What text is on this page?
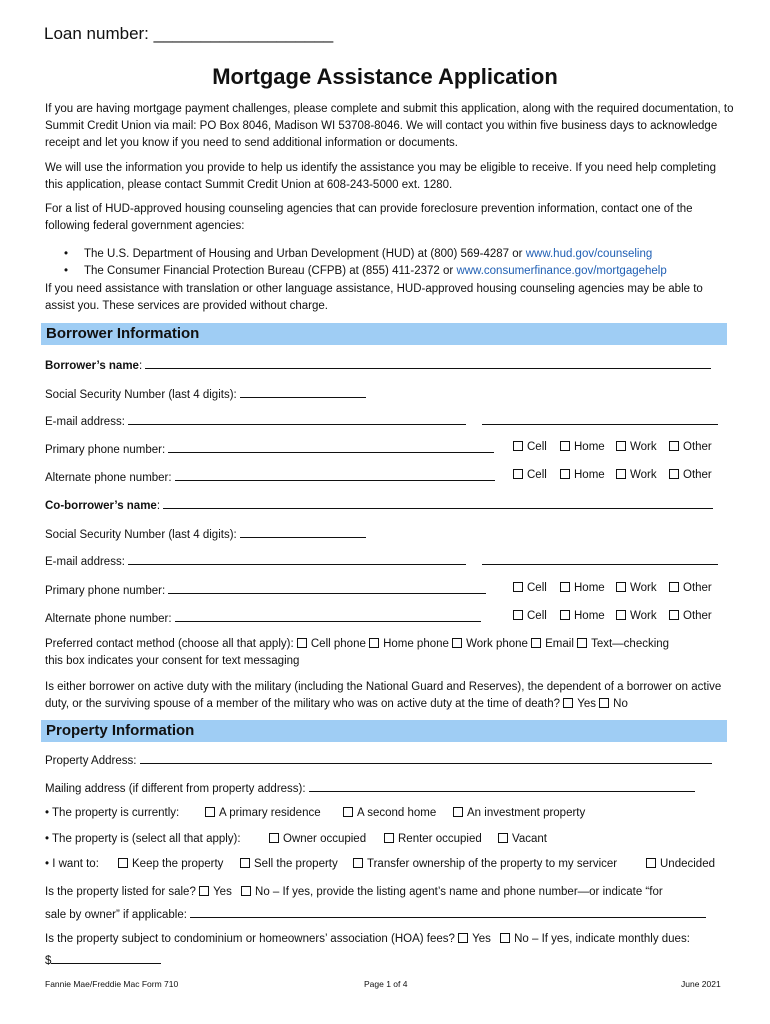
Loan number: ___________________
Mortgage Assistance Application
If you are having mortgage payment challenges, please complete and submit this application, along with the required documentation, to Summit Credit Union via mail: PO Box 8046, Madison WI 53708-8046. We will contact you within five business days to acknowledge receipt and let you know if you need to send additional information or documents.
We will use the information you provide to help us identify the assistance you may be eligible to receive. If you need help completing this application, please contact Summit Credit Union at 608-243-5000 ext. 1280.
For a list of HUD-approved housing counseling agencies that can provide foreclosure prevention information, contact one of the following federal government agencies:
• The U.S. Department of Housing and Urban Development (HUD) at (800) 569-4287 or www.hud.gov/counseling
• The Consumer Financial Protection Bureau (CFPB) at (855) 411-2372 or www.consumerfinance.gov/mortgagehelp
If you need assistance with translation or other language assistance, HUD-approved housing counseling agencies may be able to assist you. These services are provided without charge.
Borrower Information
Borrower’s name:
Social Security Number (last 4 digits):
E-mail address:
Primary phone number:	Cell	Home	Work	Other
Alternate phone number:	Cell	Home	Work	Other
Co-borrower’s name:
Social Security Number (last 4 digits):
E-mail address:
Primary phone number:	Cell	Home	Work	Other
Alternate phone number:	Cell	Home	Work	Other
Preferred contact method (choose all that apply): Cell phone Home phone Work phone Email Text—checking
this box indicates your consent for text messaging
Is either borrower on active duty with the military (including the National Guard and Reserves), the dependent of a borrower on active duty, or the surviving spouse of a member of the military who was on active duty at the time of death? Yes No
Property Information
Property Address:
Mailing address (if different from property address):
• The property is currently:	A primary residence	A second home	An investment property
• The property is (select all that apply):	Owner occupied	Renter occupied	Vacant
• I want to:	Keep the property	Sell the property	Transfer ownership of the property to my servicer	Undecided
Is the property listed for sale? Yes No – If yes, provide the listing agent’s name and phone number—or indicate “for
sale by owner” if applicable:
Is the property subject to condominium or homeowners’ association (HOA) fees? Yes No – If yes, indicate monthly dues:
$
Fannie Mae/Freddie Mac Form 710	Page 1 of 4	June 2021
